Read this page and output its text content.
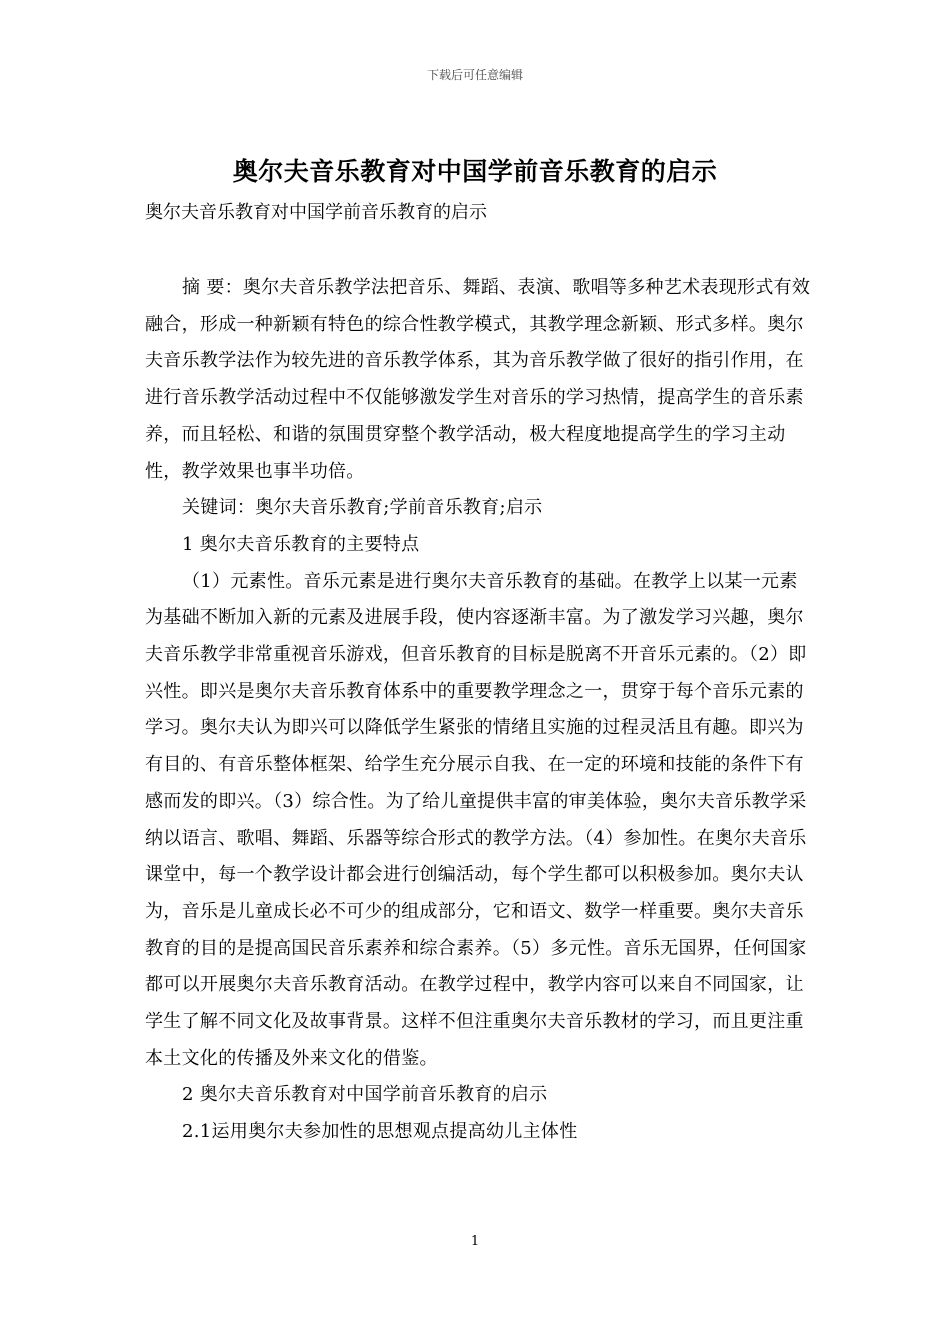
下载后可任意编辑
奥尔夫音乐教育对中国学前音乐教育的启示
奥尔夫音乐教育对中国学前音乐教育的启示

摘 要：奥尔夫音乐教学法把音乐、舞蹈、表演、歌唱等多种艺术表现形式有效融合，形成一种新颖有特色的综合性教学模式，其教学理念新颖、形式多样。奥尔夫音乐教学法作为较先进的音乐教学体系，其为音乐教学做了很好的指引作用，在进行音乐教学活动过程中不仅能够激发学生对音乐的学习热情，提高学生的音乐素养，而且轻松、和谐的氛围贯穿整个教学活动，极大程度地提高学生的学习主动性，教学效果也事半功倍。

关键词：奥尔夫音乐教育;学前音乐教育;启示

1 奥尔夫音乐教育的主要特点

（1）元素性。音乐元素是进行奥尔夫音乐教育的基础。在教学上以某一元素为基础不断加入新的元素及进展手段，使内容逐渐丰富。为了激发学习兴趣，奥尔夫音乐教学非常重视音乐游戏，但音乐教育的目标是脱离不开音乐元素的。（2）即兴性。即兴是奥尔夫音乐教育体系中的重要教学理念之一，贯穿于每个音乐元素的学习。奥尔夫认为即兴可以降低学生紧张的情绪且实施的过程灵活且有趣。即兴为有目的、有音乐整体框架、给学生充分展示自我、在一定的环境和技能的条件下有感而发的即兴。（3）综合性。为了给儿童提供丰富的审美体验，奥尔夫音乐教学采纳以语言、歌唱、舞蹈、乐器等综合形式的教学方法。（4）参加性。在奥尔夫音乐课堂中，每一个教学设计都会进行创编活动，每个学生都可以积极参加。奥尔夫认为，音乐是儿童成长必不可少的组成部分，它和语文、数学一样重要。奥尔夫音乐教育的目的是提高国民音乐素养和综合素养。（5）多元性。音乐无国界，任何国家都可以开展奥尔夫音乐教育活动。在教学过程中，教学内容可以来自不同国家，让学生了解不同文化及故事背景。这样不但注重奥尔夫音乐教材的学习，而且更注重本土文化的传播及外来文化的借鉴。

2 奥尔夫音乐教育对中国学前音乐教育的启示

2.1运用奥尔夫参加性的思想观点提高幼儿主体性

1
